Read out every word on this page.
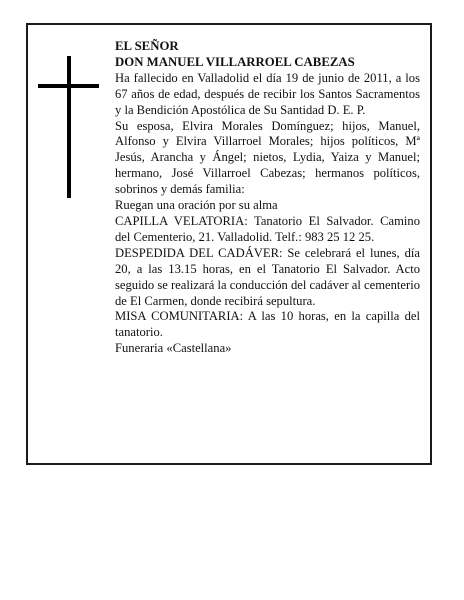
EL SEÑOR

DON MANUEL VILLARROEL CABEZAS

Ha fallecido en Valladolid el día 19 de junio de 2011, a los 67 años de edad, después de recibir los Santos Sacramentos y la Bendición Apostólica de Su Santidad D. E. P.

Su esposa, Elvira Morales Domínguez; hijos, Manuel, Alfonso y Elvira Villarroel Morales; hijos políticos, Mª Jesús, Arancha y Ángel; nietos, Lydia, Yaiza y Manuel; hermano, José Villarroel Cabezas; hermanos políticos, sobrinos y demás familia:

Ruegan una oración por su alma

CAPILLA VELATORIA: Tanatorio El Salvador. Camino del Cementerio, 21. Valladolid. Telf.: 983 25 12 25.

DESPEDIDA DEL CADÁVER: Se celebrará el lunes, día 20, a las 13.15 horas, en el Tanatorio El Salvador. Acto seguido se realizará la conducción del cadáver al cementerio de El Carmen, donde recibirá sepultura.

MISA COMUNITARIA: A las 10 horas, en la capilla del tanatorio.

Funeraria «Castellana»
